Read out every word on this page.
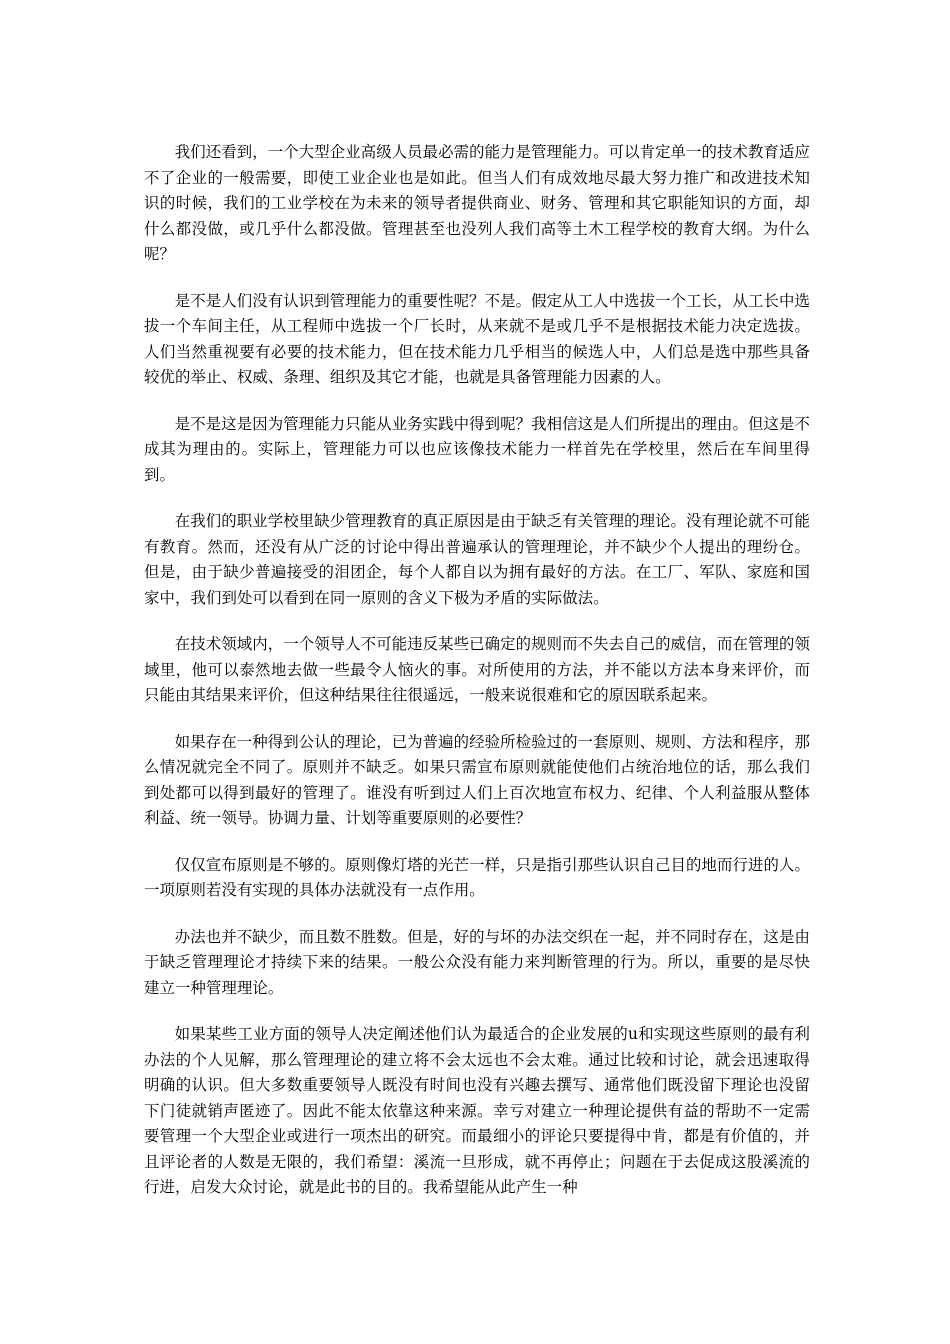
我们还看到，一个大型企业高级人员最必需的能力是管理能力。可以肯定单一的技术教育适应不了企业的一般需要，即使工业企业也是如此。但当人们有成效地尽最大努力推广和改进技术知识的时候，我们的工业学校在为未来的领导者提供商业、财务、管理和其它职能知识的方面，却什么都没做，或几乎什么都没做。管理甚至也没列人我们高等土木工程学校的教育大纲。为什么呢？

是不是人们没有认识到管理能力的重要性呢？不是。假定从工人中选拔一个工长，从工长中选拔一个车间主任，从工程师中选拔一个厂长时，从来就不是或几乎不是根据技术能力决定选拔。人们当然重视要有必要的技术能力，但在技术能力几乎相当的候选人中，人们总是选中那些具备较优的举止、权威、条理、组织及其它才能，也就是具备管理能力因素的人。

是不是这是因为管理能力只能从业务实践中得到呢？我相信这是人们所提出的理由。但这是不成其为理由的。实际上，管理能力可以也应该像技术能力一样首先在学校里，然后在车间里得到。

在我们的职业学校里缺少管理教育的真正原因是由于缺乏有关管理的理论。没有理论就不可能有教育。然而，还没有从广泛的讨论中得出普遍承认的管理理论，并不缺少个人提出的理纷仓。但是，由于缺少普遍接受的泪团企，每个人都自以为拥有最好的方法。在工厂、军队、家庭和国家中，我们到处可以看到在同一原则的含义下极为矛盾的实际做法。

在技术领域内，一个领导人不可能违反某些已确定的规则而不失去自己的威信，而在管理的领域里，他可以泰然地去做一些最令人恼火的事。对所使用的方法，并不能以方法本身来评价，而只能由其结果来评价，但这种结果往往很遥远，一般来说很难和它的原因联系起来。

如果存在一种得到公认的理论，已为普遍的经验所检验过的一套原则、规则、方法和程序，那么情况就完全不同了。原则并不缺乏。如果只需宣布原则就能使他们占统治地位的话，那么我们到处都可以得到最好的管理了。谁没有听到过人们上百次地宣布权力、纪律、个人利益服从整体利益、统一领导。协调力量、计划等重要原则的必要性？

仅仅宣布原则是不够的。原则像灯塔的光芒一样，只是指引那些认识自己目的地而行进的人。一项原则若没有实现的具体办法就没有一点作用。

办法也并不缺少，而且数不胜数。但是，好的与坏的办法交织在一起，并不同时存在，这是由于缺乏管理理论才持续下来的结果。一般公众没有能力来判断管理的行为。所以，重要的是尽快建立一种管理理论。

如果某些工业方面的领导人决定阐述他们认为最适合的企业发展的u和实现这些原则的最有利办法的个人见解，那么管理理论的建立将不会太远也不会太难。通过比较和讨论，就会迅速取得明确的认识。但大多数重要领导人既没有时间也没有兴趣去撰写、通常他们既没留下理论也没留下门徒就销声匿迹了。因此不能太依靠这种来源。幸亏对建立一种理论提供有益的帮助不一定需要管理一个大型企业或进行一项杰出的研究。而最细小的评论只要提得中肯，都是有价值的，并且评论者的人数是无限的，我们希望：溪流一旦形成，就不再停止；问题在于去促成这股溪流的行进，启发大众讨论，就是此书的目的。我希望能从此产生一种
